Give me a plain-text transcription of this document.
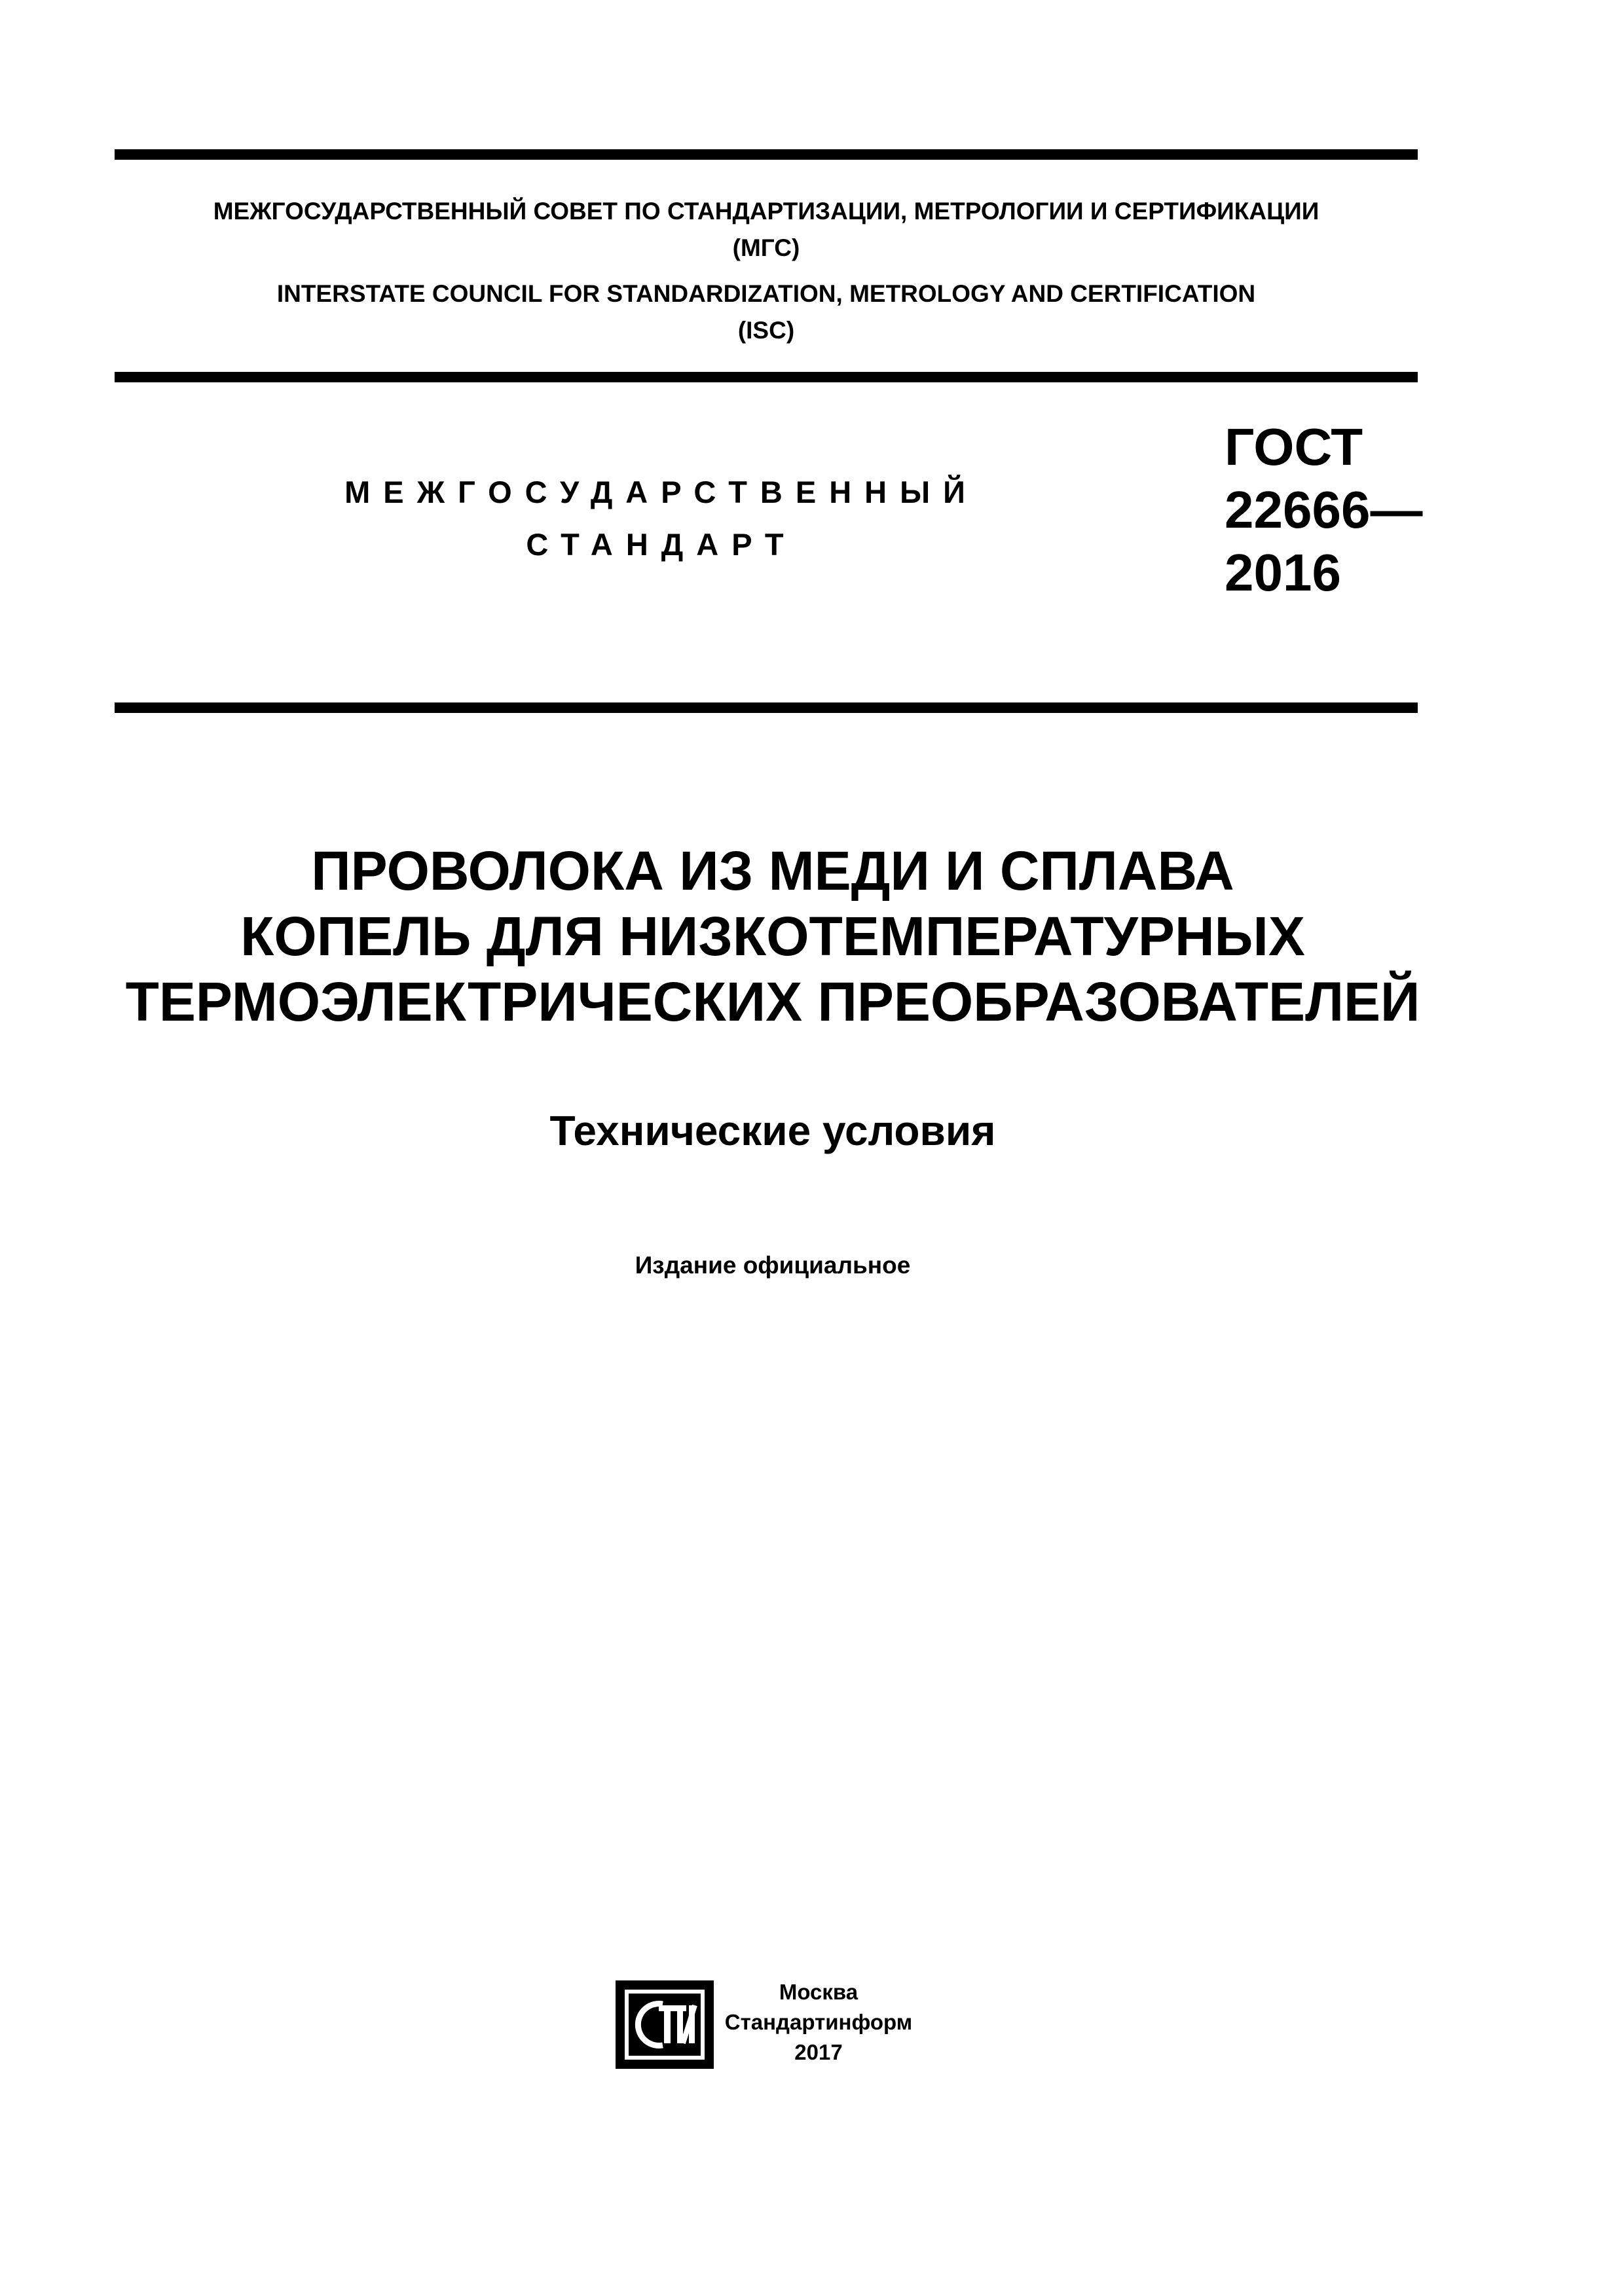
МЕЖГОСУДАРСТВЕННЫЙ СОВЕТ ПО СТАНДАРТИЗАЦИИ, МЕТРОЛОГИИ И СЕРТИФИКАЦИИ
(МГС)
INTERSTATE COUNCIL FOR STANDARDIZATION, METROLOGY AND CERTIFICATION
(ISC)
МЕЖГОСУДАРСТВЕННЫЙ
СТАНДАРТ
ГОСТ
22666—
2016
ПРОВОЛОКА ИЗ МЕДИ И СПЛАВА
КОПЕЛЬ ДЛЯ НИЗКОТЕМПЕРАТУРНЫХ
ТЕРМОЭЛЕКТРИЧЕСКИХ ПРЕОБРАЗОВАТЕЛЕЙ
Технические условия
Издание официальное
Москва
Стандартинформ
2017
